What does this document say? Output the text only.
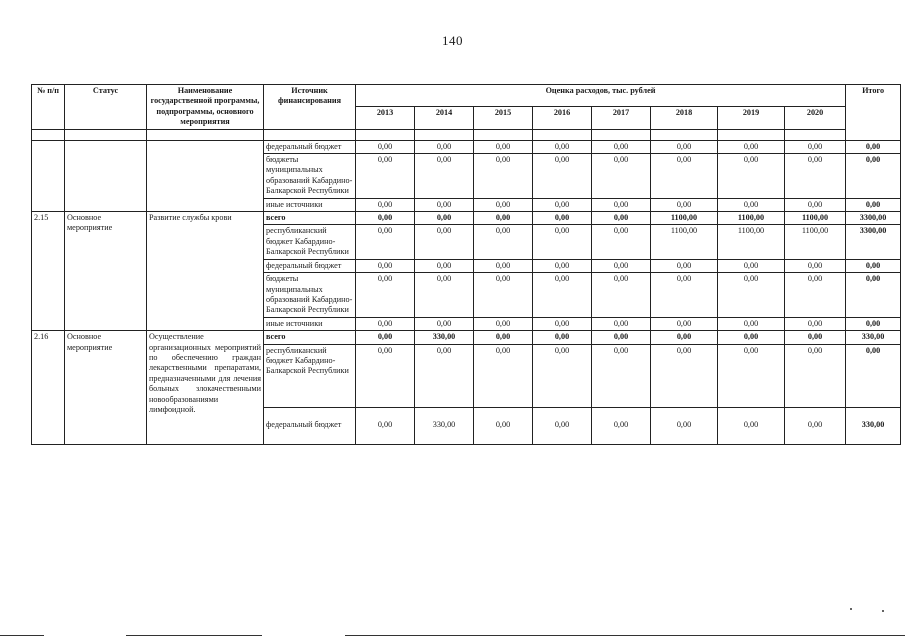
140
№ п/п	Статус	Наименование государственной программы, подпрограммы, основного мероприятия	Источник финансирования	Оценка расходов, тыс. рублей								Итого
				2013	2014	2015	2016	2017	2018	2019	2020	

			федеральный бюджет	0,00	0,00	0,00	0,00	0,00	0,00	0,00	0,00	0,00
			бюджеты муниципальных образований Кабардино-Балкарской Республики	0,00	0,00	0,00	0,00	0,00	0,00	0,00	0,00	0,00
			иные источники	0,00	0,00	0,00	0,00	0,00	0,00	0,00	0,00	0,00
2.15	Основное мероприятие	Развитие службы крови	всего	0,00	0,00	0,00	0,00	0,00	1100,00	1100,00	1100,00	3300,00
			республиканский бюджет Кабардино-Балкарской Республики	0,00	0,00	0,00	0,00	0,00	1100,00	1100,00	1100,00	3300,00
			федеральный бюджет	0,00	0,00	0,00	0,00	0,00	0,00	0,00	0,00	0,00
			бюджеты муниципальных образований Кабардино-Балкарской Республики	0,00	0,00	0,00	0,00	0,00	0,00	0,00	0,00	0,00
			иные источники	0,00	0,00	0,00	0,00	0,00	0,00	0,00	0,00	0,00
2.16	Основное мероприятие	Осуществление организационных мероприятий по обеспечению граждан лекарственными препаратами, предназначенными для лечения больных злокачественными новообразованиями лимфоидной.	всего	0,00	330,00	0,00	0,00	0,00	0,00	0,00	0,00	330,00
			республиканский бюджет Кабардино-Балкарской Республики	0,00	0,00	0,00	0,00	0,00	0,00	0,00	0,00	0,00
			федеральный бюджет	0,00	330,00	0,00	0,00	0,00	0,00	0,00	0,00	330,00
